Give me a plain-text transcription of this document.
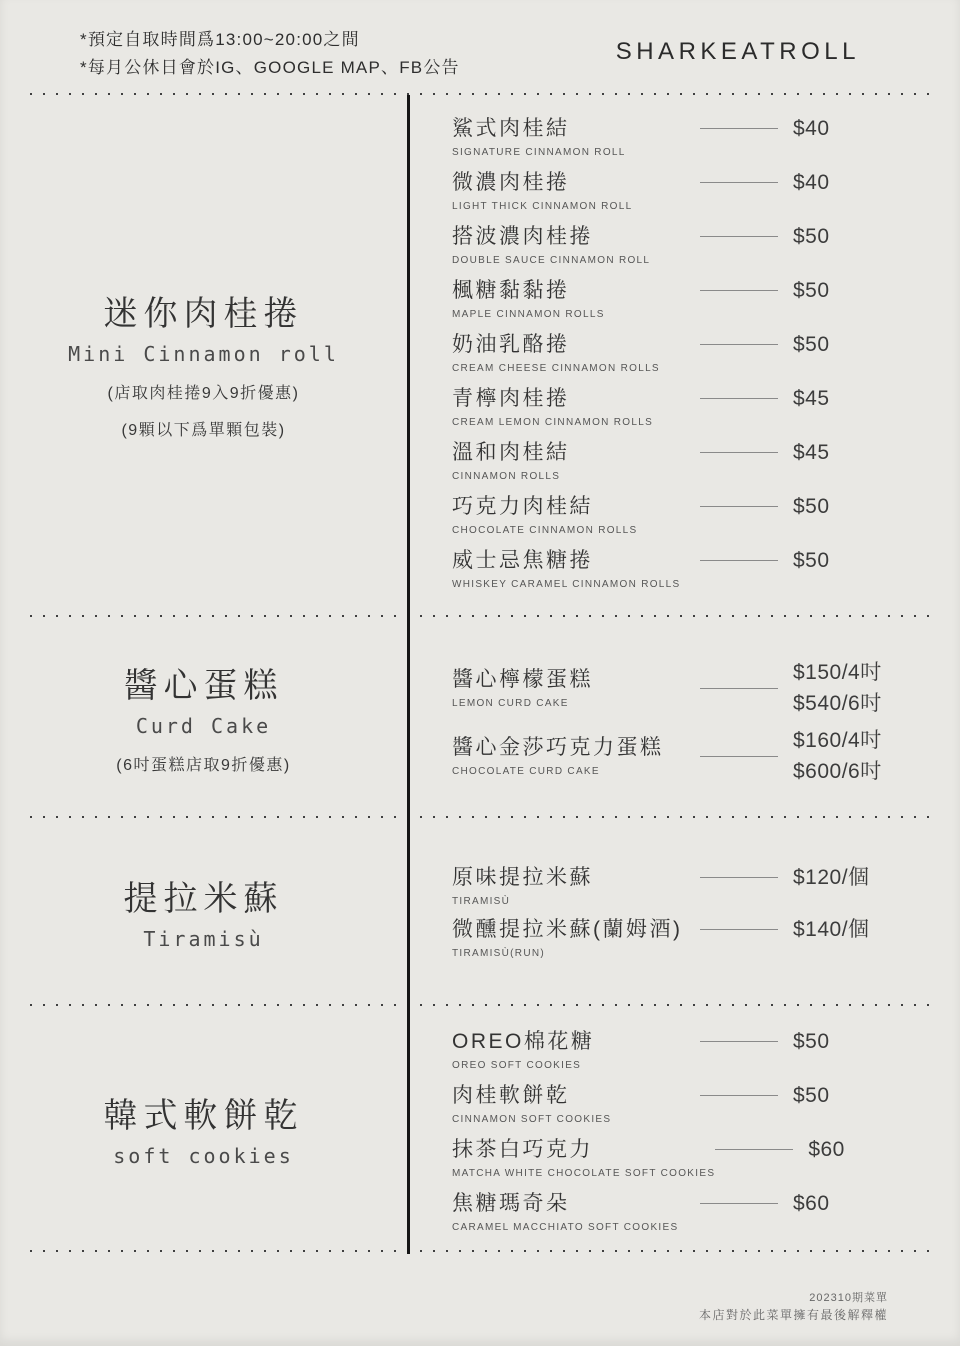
*預定自取時間爲13:00~20:00之間
*每月公休日會於IG、GOOGLE MAP、FB公告
SHARKEATROLL
迷你肉桂捲
Mini Cinnamon roll
(店取肉桂捲9入9折優惠)
(9顆以下爲單顆包裝)
鯊式肉桂結
SIGNATURE CINNAMON ROLL
$40
微濃肉桂捲
LIGHT THICK CINNAMON ROLL
$40
搭波濃肉桂捲
DOUBLE SAUCE CINNAMON ROLL
$50
楓糖黏黏捲
MAPLE CINNAMON ROLLS
$50
奶油乳酪捲
CREAM CHEESE CINNAMON ROLLS
$50
青檸肉桂捲
CREAM LEMON CINNAMON ROLLS
$45
溫和肉桂結
CINNAMON ROLLS
$45
巧克力肉桂結
CHOCOLATE CINNAMON ROLLS
$50
威士忌焦糖捲
WHISKEY CARAMEL CINNAMON ROLLS
$50
醬心蛋糕
Curd Cake
(6吋蛋糕店取9折優惠)
醬心檸檬蛋糕
LEMON CURD CAKE
$150/4吋
$540/6吋
醬心金莎巧克力蛋糕
CHOCOLATE CURD CAKE
$160/4吋
$600/6吋
提拉米蘇
Tiramisù
原味提拉米蘇
TIRAMISÙ
$120/個
微醺提拉米蘇(蘭姆酒)
TIRAMISÙ(RUN)
$140/個
韓式軟餅乾
soft cookies
OREO棉花糖
OREO SOFT COOKIES
$50
肉桂軟餅乾
CINNAMON SOFT COOKIES
$50
抹茶白巧克力
MATCHA WHITE CHOCOLATE SOFT COOKIES
$60
焦糖瑪奇朵
CARAMEL MACCHIATO SOFT COOKIES
$60
202310期菜單
本店對於此菜單擁有最後解釋權
